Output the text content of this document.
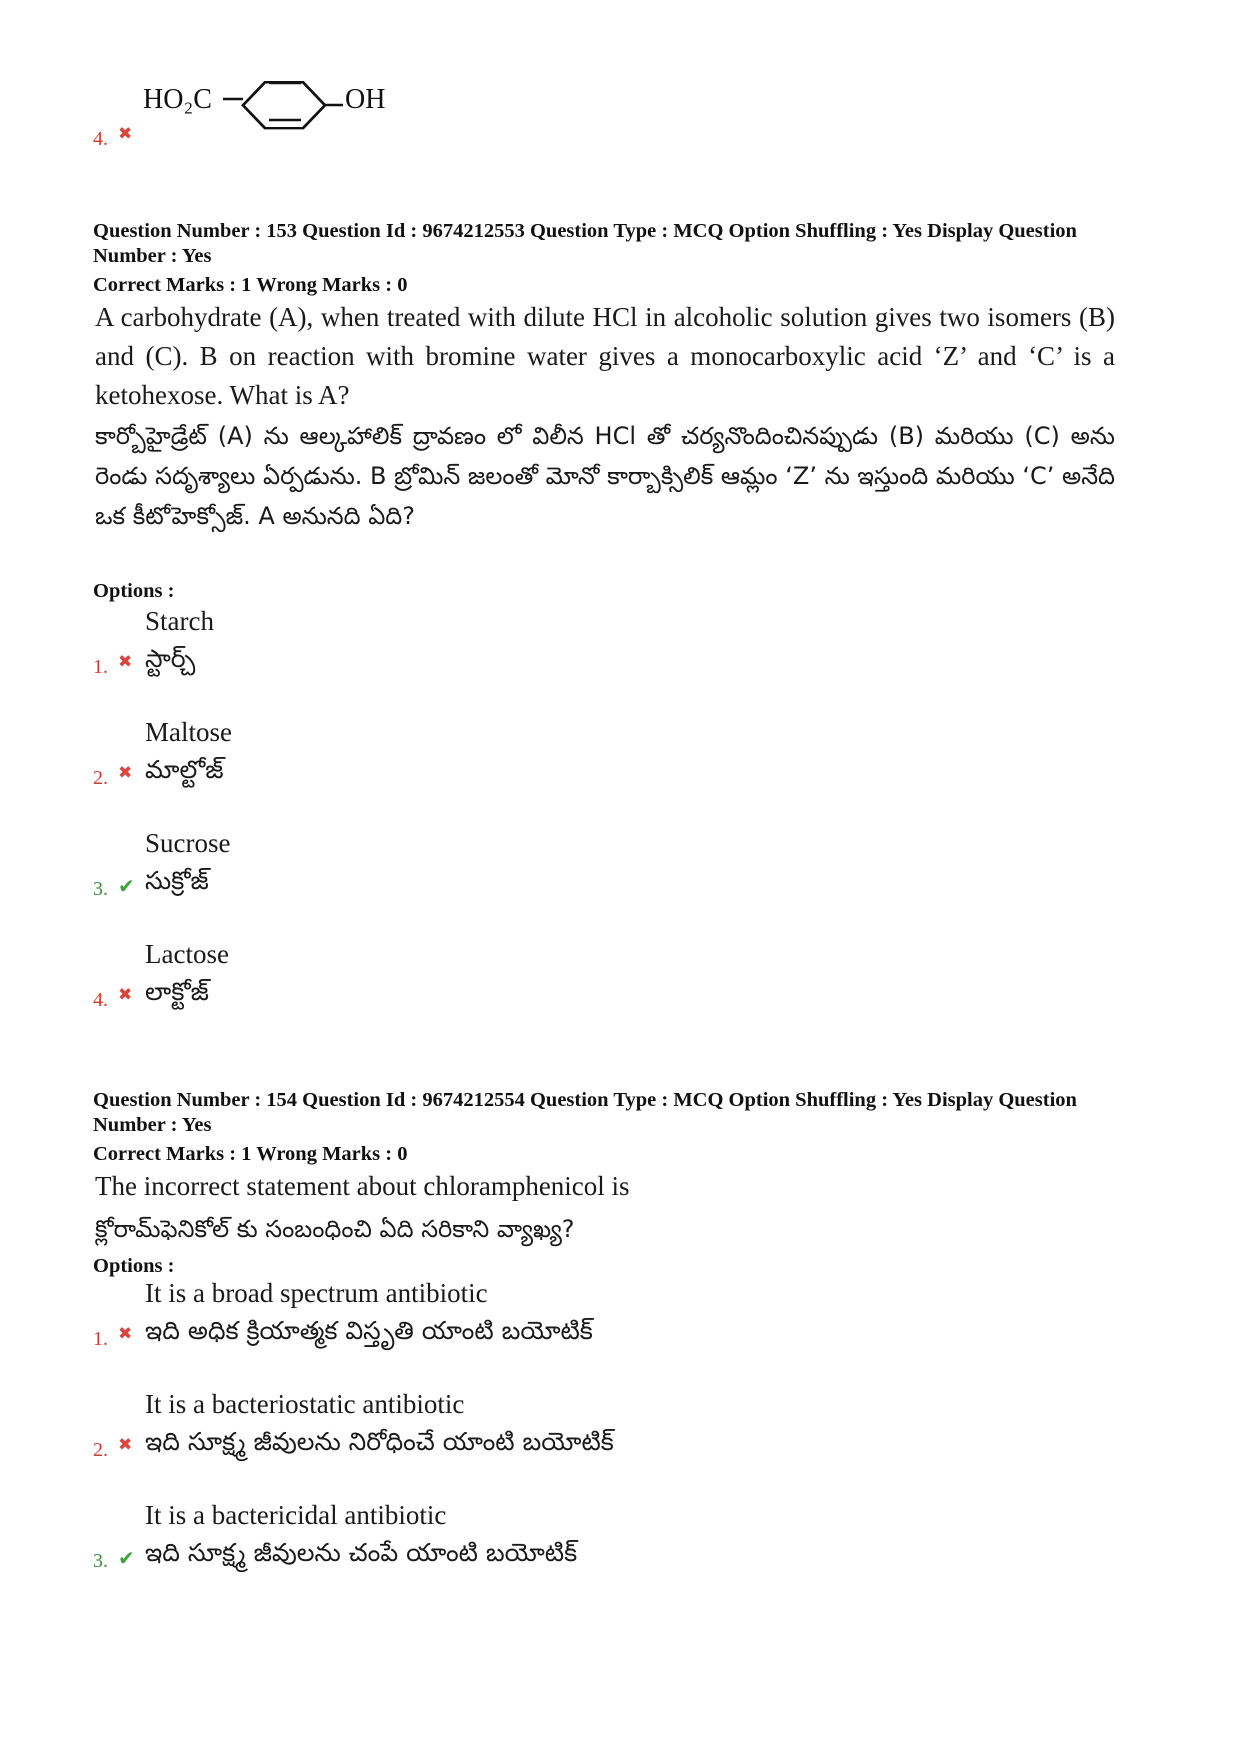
HO₂C	OH
4. ✖
Question Number : 153 Question Id : 9674212553 Question Type : MCQ Option Shuffling : Yes Display Question Number : Yes
Correct Marks : 1 Wrong Marks : 0
A carbohydrate (A), when treated with dilute HCl in alcoholic solution gives two isomers (B) and (C). B on reaction with bromine water gives a monocarboxylic acid ‘Z’ and ‘C’ is a ketohexose. What is A?
కార్బోహైడ్రేట్ (A) ను ఆల్కహాలిక్ ద్రావణం లో విలీన HCl తో చర్యనొందించినప్పుడు (B) మరియు (C) అను రెండు సదృశ్యాలు ఏర్పడును. B బ్రోమిన్ జలంతో మోనో కార్బాక్సిలిక్ ఆమ్లం ‘Z’ ను ఇస్తుంది మరియు ‘C’ అనేది ఒక కీటోహెక్సోజ్. A అనునది ఏది?
Options :
Starch
స్టార్చ్
1. ✖
Maltose
మాల్టోజ్
2. ✖
Sucrose
సుక్రోజ్
3. ✔
Lactose
లాక్టోజ్
4. ✖
Question Number : 154 Question Id : 9674212554 Question Type : MCQ Option Shuffling : Yes Display Question Number : Yes
Correct Marks : 1 Wrong Marks : 0
The incorrect statement about chloramphenicol is
క్లోరామ్‌ఫెనికోల్ కు సంబంధించి ఏది సరికాని వ్యాఖ్య?
Options :
It is a broad spectrum antibiotic
ఇది అధిక క్రియాత్మక విస్తృతి యాంటి బయోటిక్
1. ✖
It is a bacteriostatic antibiotic
ఇది సూక్ష్మ జీవులను నిరోధించే యాంటి బయోటిక్
2. ✖
It is a bactericidal antibiotic
ఇది సూక్ష్మ జీవులను చంపే యాంటి బయోటిక్
3. ✔
